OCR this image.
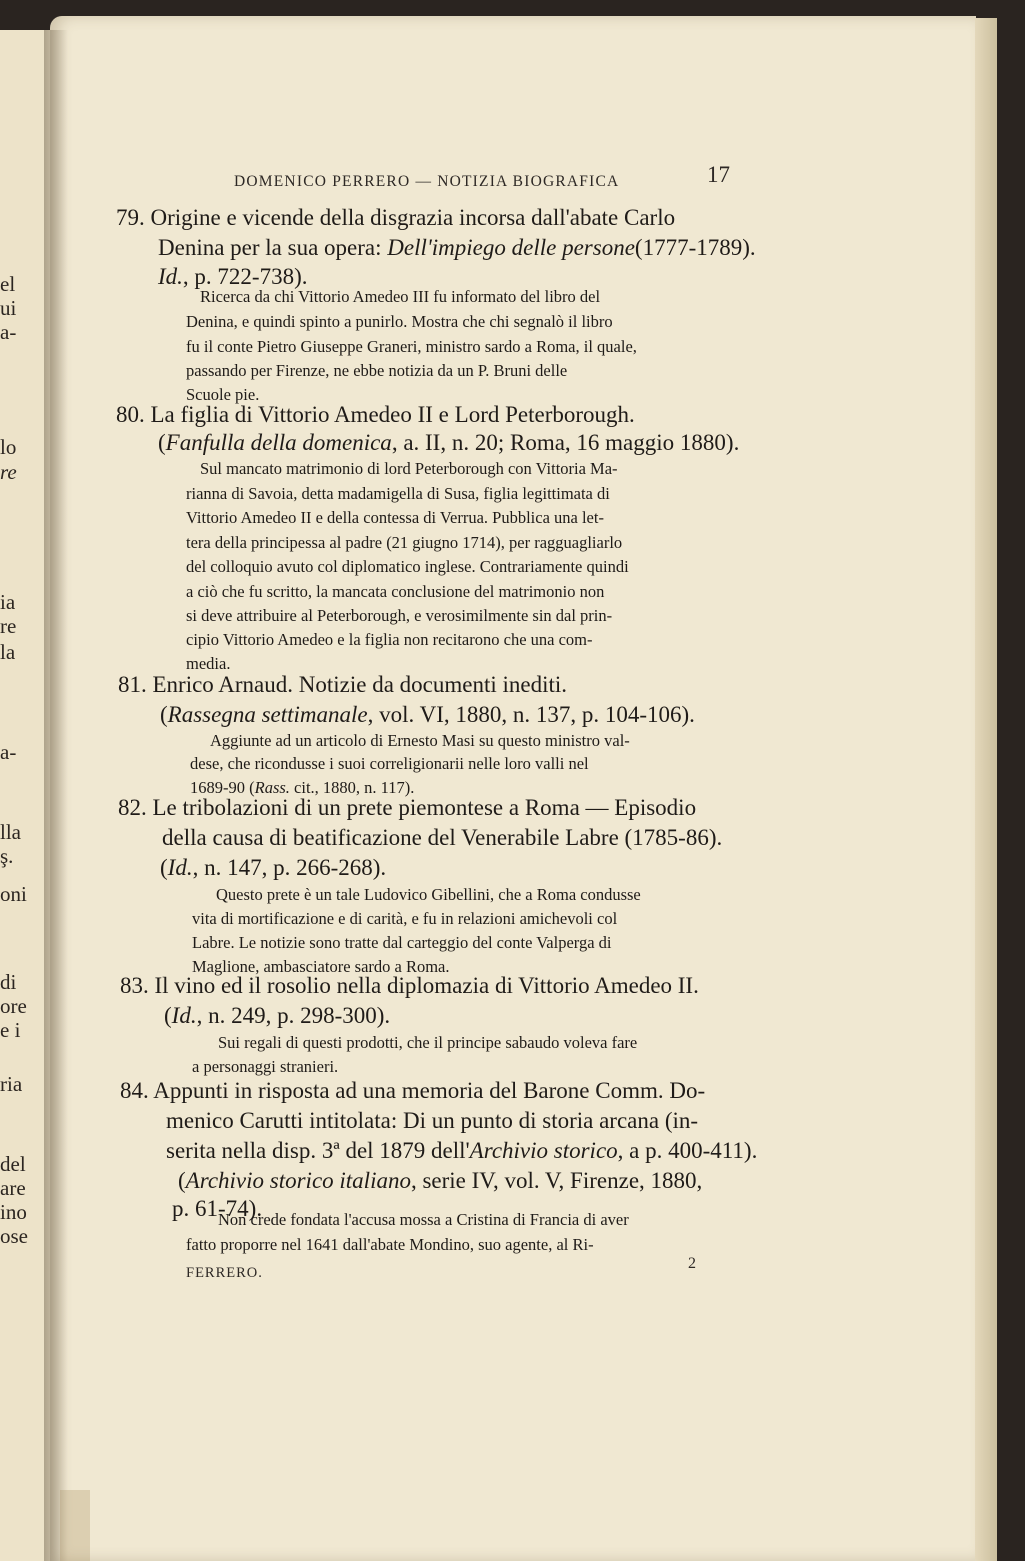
el
ui
a-
lo
re
ia
re
la
a-
lla
ş.
oni
di
ore
e i
ria
del
are
ino
ose
DOMENICO PERRERO — NOTIZIA BIOGRAFICA	17
79. Origine e vicende della disgrazia incorsa dall'abate Carlo
Denina per la sua opera: Dell'impiego delle persone(1777-1789).
Id., p. 722-738).
Ricerca da chi Vittorio Amedeo III fu informato del libro del
Denina, e quindi spinto a punirlo. Mostra che chi segnalò il libro
fu il conte Pietro Giuseppe Graneri, ministro sardo a Roma, il quale,
passando per Firenze, ne ebbe notizia da un P. Bruni delle
Scuole pie.
80. La figlia di Vittorio Amedeo II e Lord Peterborough.
(Fanfulla della domenica, a. II, n. 20; Roma, 16 maggio 1880).
Sul mancato matrimonio di lord Peterborough con Vittoria Ma-
rianna di Savoia, detta madamigella di Susa, figlia legittimata di
Vittorio Amedeo II e della contessa di Verrua. Pubblica una let-
tera della principessa al padre (21 giugno 1714), per ragguagliarlo
del colloquio avuto col diplomatico inglese. Contrariamente quindi
a ciò che fu scritto, la mancata conclusione del matrimonio non
si deve attribuire al Peterborough, e verosimilmente sin dal prin-
cipio Vittorio Amedeo e la figlia non recitarono che una com-
media.
81. Enrico Arnaud. Notizie da documenti inediti.
(Rassegna settimanale, vol. VI, 1880, n. 137, p. 104-106).
Aggiunte ad un articolo di Ernesto Masi su questo ministro val-
dese, che ricondusse i suoi correligionarii nelle loro valli nel
1689-90 (Rass. cit., 1880, n. 117).
82. Le tribolazioni di un prete piemontese a Roma — Episodio
della causa di beatificazione del Venerabile Labre (1785-86).
(Id., n. 147, p. 266-268).
Questo prete è un tale Ludovico Gibellini, che a Roma condusse
vita di mortificazione e di carità, e fu in relazioni amichevoli col
Labre. Le notizie sono tratte dal carteggio del conte Valperga di
Maglione, ambasciatore sardo a Roma.
83. Il vino ed il rosolio nella diplomazia di Vittorio Amedeo II.
(Id., n. 249, p. 298-300).
Sui regali di questi prodotti, che il principe sabaudo voleva fare
a personaggi stranieri.
84. Appunti in risposta ad una memoria del Barone Comm. Do-
menico Carutti intitolata: Di un punto di storia arcana (in-
serita nella disp. 3ª del 1879 dell'Archivio storico, a p. 400-411).
(Archivio storico italiano, serie IV, vol. V, Firenze, 1880,
p. 61-74).
Non crede fondata l'accusa mossa a Cristina di Francia di aver
fatto proporre nel 1641 dall'abate Mondino, suo agente, al Ri-
FERRERO.
2
